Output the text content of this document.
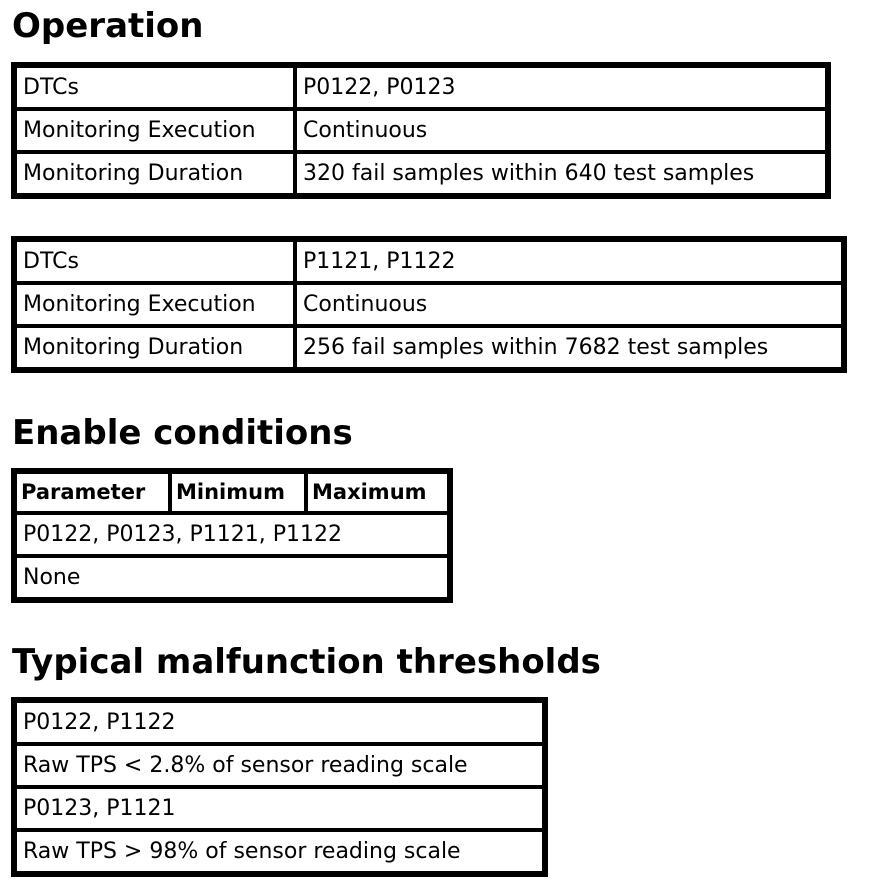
Operation
DTCs	P0122, P0123
Monitoring Execution	Continuous
Monitoring Duration	320 fail samples within 640 test samples
DTCs	P1121, P1122
Monitoring Execution	Continuous
Monitoring Duration	256 fail samples within 7682 test samples
Enable conditions
Parameter	Minimum	Maximum
P0122, P0123, P1121, P1122
None
Typical malfunction thresholds
P0122, P1122
Raw TPS < 2.8% of sensor reading scale
P0123, P1121
Raw TPS > 98% of sensor reading scale
